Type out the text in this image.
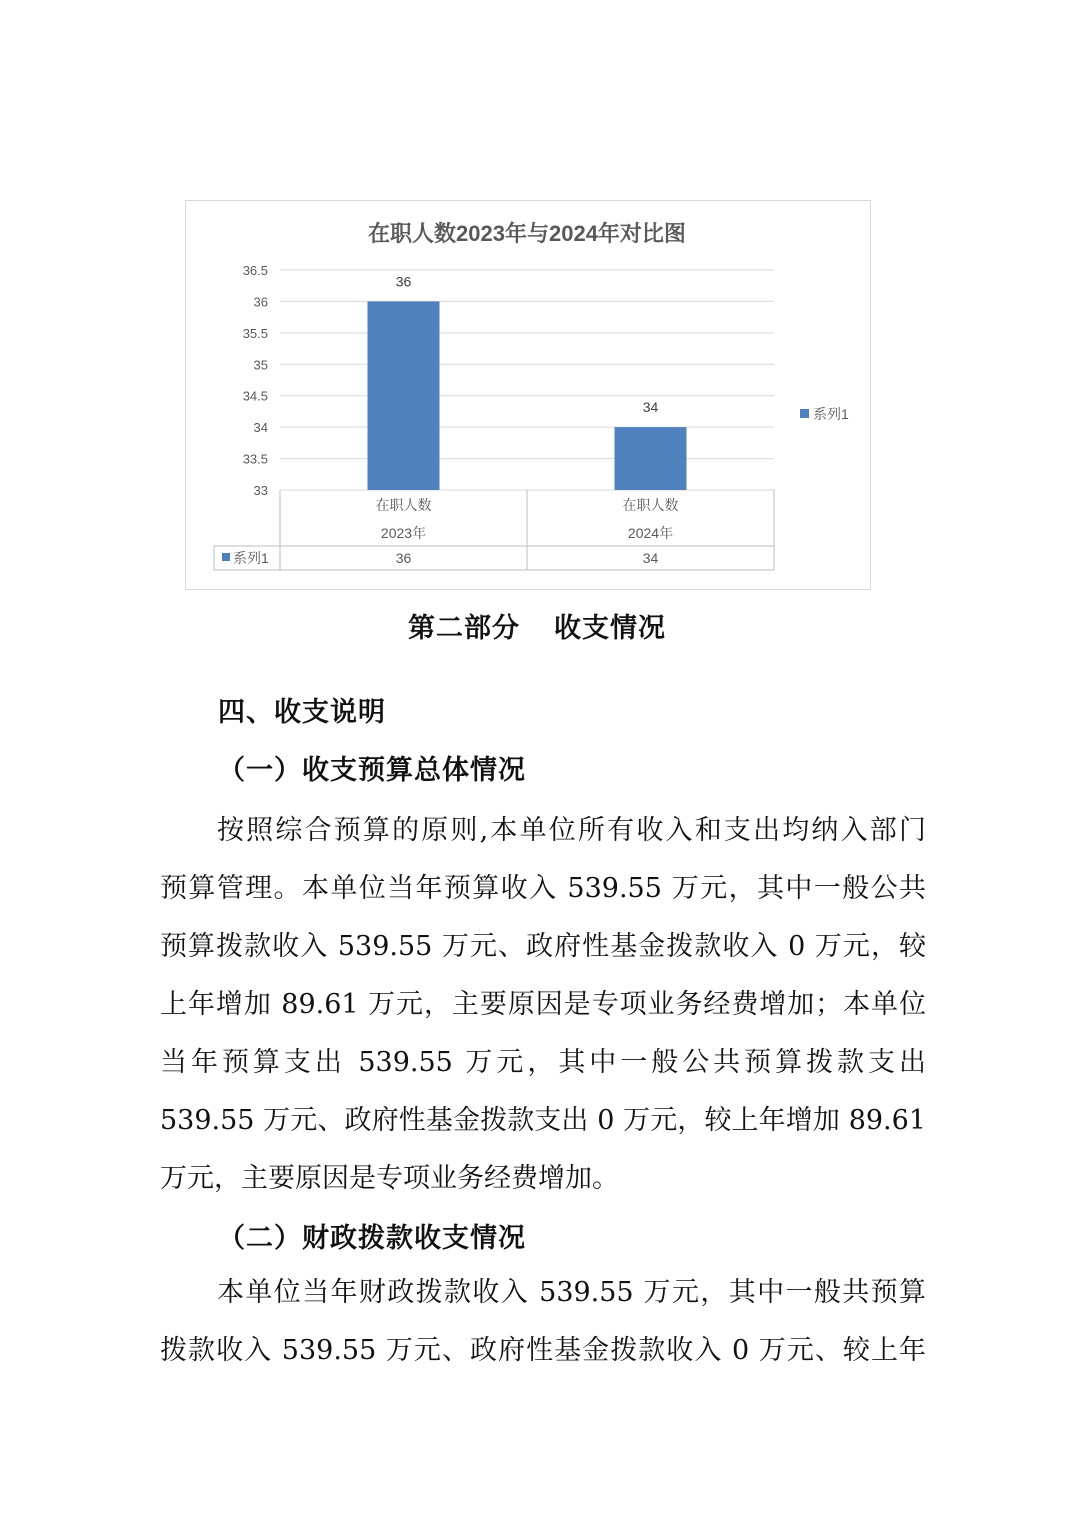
在职人数2023年与2024年对比图
36.5
36
35.5
35
34.5
34
33.5
33
36
在职人数
2023年
36
34
在职人数
2024年
34
系列1
系列1
第二部分 收支情况
四、收支说明
（一）收支预算总体情况
按照综合预算的原则,本单位所有收入和支出均纳入部门
预算管理。本单位当年预算收入 539.55 万元，其中一般公共
预算拨款收入 539.55 万元、政府性基金拨款收入 0 万元，较
上年增加 89.61 万元，主要原因是专项业务经费增加；本单位
当年预算支出 539.55 万元，其中一般公共预算拨款支出
539.55 万元、政府性基金拨款支出 0 万元，较上年增加 89.61
万元，主要原因是专项业务经费增加。
（二）财政拨款收支情况
本单位当年财政拨款收入 539.55 万元，其中一般共预算
拨款收入 539.55 万元、政府性基金拨款收入 0 万元、较上年
